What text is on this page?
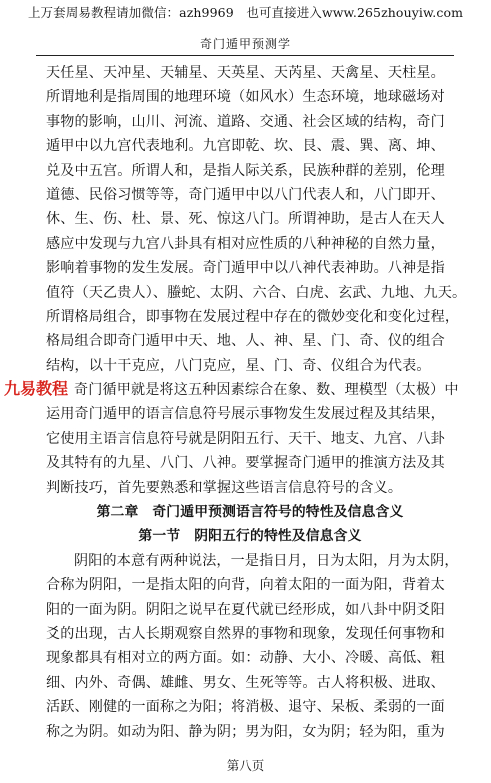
上万套周易教程请加微信：azh9969　也可直接进入www.265zhouyiw.com
奇门遁甲预测学
天任星、天冲星、天辅星、天英星、天芮星、天禽星、天柱星。
所谓地利是指周围的地理环境（如风水）生态环境，地球磁场对
事物的影响，山川、河流、道路、交通、社会区域的结构，奇门
遁甲中以九宫代表地利。九宫即乾、坎、艮、震、巽、离、坤、
兑及中五宫。所谓人和，是指人际关系，民族种群的差别，伦理
道德、民俗习惯等等，奇门遁甲中以八门代表人和，八门即开、
休、生、伤、杜、景、死、惊这八门。所谓神助，是古人在天人
感应中发现与九宫八卦具有相对应性质的八种神秘的自然力量，
影响着事物的发生发展。奇门遁甲中以八神代表神助。八神是指
值符（天乙贵人）、螣蛇、太阴、六合、白虎、玄武、九地、九天。
所谓格局组合，即事物在发展过程中存在的微妙变化和变化过程，
格局组合即奇门遁甲中天、地、人、神、星、门、奇、仪的组合
结构，以十干克应，八门克应，星、门、奇、仪组合为代表。
奇门循甲就是将这五种因素综合在象、数、理模型（太极）中
运用奇门遁甲的语言信息符号展示事物发生发展过程及其结果，
它使用主语言信息符号就是阴阳五行、天干、地支、九宫、八卦
及其特有的九星、八门、八神。要掌握奇门遁甲的推演方法及其
判断技巧，首先要熟悉和掌握这些语言信息符号的含义。
第二章　奇门遁甲预测语言符号的特性及信息含义
第一节　阴阳五行的特性及信息含义
阴阳的本意有两种说法，一是指日月，日为太阳，月为太阴，
合称为阴阳，一是指太阳的向背，向着太阳的一面为阳，背着太
阳的一面为阴。阴阳之说早在夏代就已经形成，如八卦中阴爻阳
爻的出现，古人长期观察自然界的事物和现象，发现任何事物和
现象都具有相对立的两方面。如：动静、大小、冷暖、高低、粗
细、内外、奇偶、雄雌、男女、生死等等。古人将积极、进取、
活跃、刚健的一面称之为阳；将消极、退守、呆板、柔弱的一面
称之为阴。如动为阳、静为阴；男为阳，女为阴；轻为阳，重为
九易教程
第八页
